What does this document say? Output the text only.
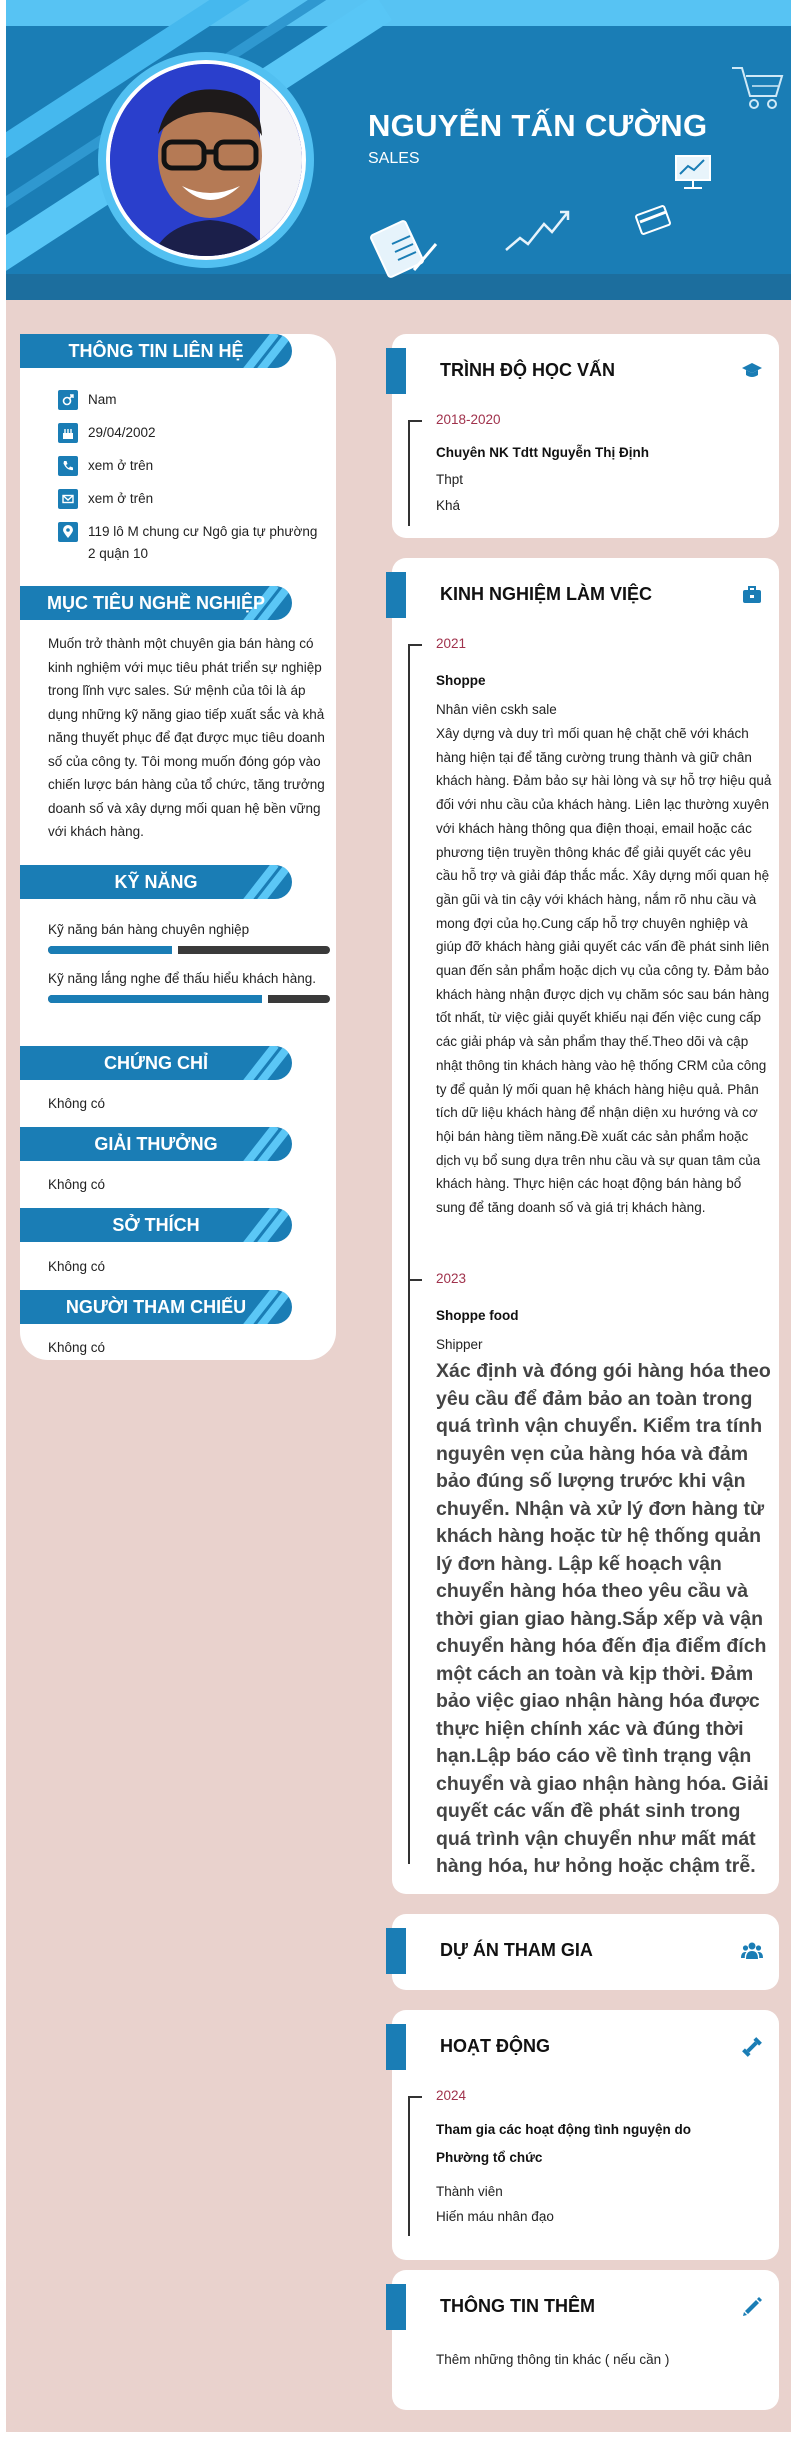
NGUYỄN TẤN CƯỜNG
SALES
THÔNG TIN LIÊN HỆ
Nam
29/04/2002
xem ở trên
xem ở trên
119 lô M chung cư Ngô gia tự phường 2 quận 10
MỤC TIÊU NGHỀ NGHIỆP
Muốn trở thành một chuyên gia bán hàng có kinh nghiệm với mục tiêu phát triển sự nghiệp trong lĩnh vực sales. Sứ mệnh của tôi là áp dụng những kỹ năng giao tiếp xuất sắc và khả năng thuyết phục để đạt được mục tiêu doanh số của công ty. Tôi mong muốn đóng góp vào chiến lược bán hàng của tổ chức, tăng trưởng doanh số và xây dựng mối quan hệ bền vững với khách hàng.
KỸ NĂNG
Kỹ năng bán hàng chuyên nghiệp
Kỹ năng lắng nghe để thấu hiểu khách hàng.
CHỨNG CHỈ
Không có
GIẢI THƯỞNG
Không có
SỞ THÍCH
Không có
NGƯỜI THAM CHIẾU
Không có
TRÌNH ĐỘ HỌC VẤN
2018-2020
Chuyên NK Tdtt Nguyễn Thị Định
Thpt
Khá
KINH NGHIỆM LÀM VIỆC
2021
Shoppe
Nhân viên cskh sale
Xây dựng và duy trì mối quan hệ chặt chẽ với khách hàng hiện tại để tăng cường trung thành và giữ chân khách hàng. Đảm bảo sự hài lòng và sự hỗ trợ hiệu quả đối với nhu cầu của khách hàng. Liên lạc thường xuyên với khách hàng thông qua điện thoại, email hoặc các phương tiện truyền thông khác để giải quyết các yêu cầu hỗ trợ và giải đáp thắc mắc. Xây dựng mối quan hệ gần gũi và tin cậy với khách hàng, nắm rõ nhu cầu và mong đợi của họ.Cung cấp hỗ trợ chuyên nghiệp và giúp đỡ khách hàng giải quyết các vấn đề phát sinh liên quan đến sản phẩm hoặc dịch vụ của công ty. Đảm bảo khách hàng nhận được dịch vụ chăm sóc sau bán hàng tốt nhất, từ việc giải quyết khiếu nại đến việc cung cấp các giải pháp và sản phẩm thay thế.Theo dõi và cập nhật thông tin khách hàng vào hệ thống CRM của công ty để quản lý mối quan hệ khách hàng hiệu quả. Phân tích dữ liệu khách hàng để nhận diện xu hướng và cơ hội bán hàng tiềm năng.Đề xuất các sản phẩm hoặc dịch vụ bổ sung dựa trên nhu cầu và sự quan tâm của khách hàng. Thực hiện các hoạt động bán hàng bổ sung để tăng doanh số và giá trị khách hàng.
2023
Shoppe food
Shipper
Xác định và đóng gói hàng hóa theo yêu cầu để đảm bảo an toàn trong quá trình vận chuyển. Kiểm tra tính nguyên vẹn của hàng hóa và đảm bảo đúng số lượng trước khi vận chuyển. Nhận và xử lý đơn hàng từ khách hàng hoặc từ hệ thống quản lý đơn hàng. Lập kế hoạch vận chuyển hàng hóa theo yêu cầu và thời gian giao hàng.Sắp xếp và vận chuyển hàng hóa đến địa điểm đích một cách an toàn và kịp thời. Đảm bảo việc giao nhận hàng hóa được thực hiện chính xác và đúng thời hạn.Lập báo cáo về tình trạng vận chuyển và giao nhận hàng hóa. Giải quyết các vấn đề phát sinh trong quá trình vận chuyển như mất mát hàng hóa, hư hỏng hoặc chậm trễ.
DỰ ÁN THAM GIA
HOẠT ĐỘNG
2024
Tham gia các hoạt động tình nguyện do Phường tổ chức
Thành viên
Hiến máu nhân đạo
THÔNG TIN THÊM
Thêm những thông tin khác ( nếu cần )
